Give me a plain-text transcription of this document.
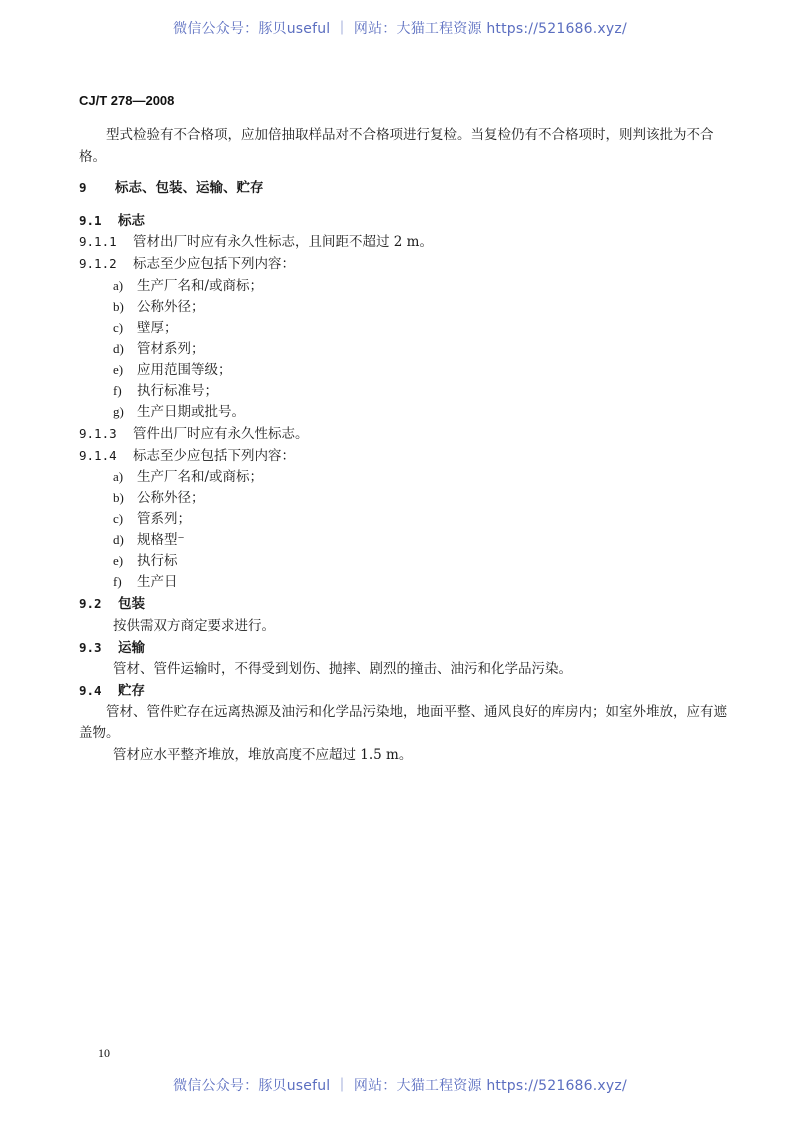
微信公众号：豚贝useful ｜ 网站：大猫工程资源 https://521686.xyz/
CJ/T 278—2008
型式检验有不合格项，应加倍抽取样品对不合格项进行复检。当复检仍有不合格项时，则判该批为不合格。
9 标志、包装、运输、贮存
9.1 标志
9.1.1 管材出厂时应有永久性标志，且间距不超过 2 m。
9.1.2 标志至少应包括下列内容：
a) 生产厂名和/或商标；
b) 公称外径；
c) 壁厚；
d) 管材系列；
e) 应用范围等级；
f) 执行标准号；
g) 生产日期或批号。
9.1.3 管件出厂时应有永久性标志。
9.1.4 标志至少应包括下列内容：
a) 生产厂名和/或商标；
b) 公称外径；
c) 管系列；
d) 规格型⁻
e) 执行标
f) 生产日
9.2 包装
按供需双方商定要求进行。
9.3 运输
管材、管件运输时，不得受到划伤、抛摔、剧烈的撞击、油污和化学品污染。
9.4 贮存
管材、管件贮存在远离热源及油污和化学品污染地，地面平整、通风良好的库房内；如室外堆放，应有遮盖物。
管材应水平整齐堆放，堆放高度不应超过 1.5 m。
10
微信公众号：豚贝useful ｜ 网站：大猫工程资源 https://521686.xyz/
